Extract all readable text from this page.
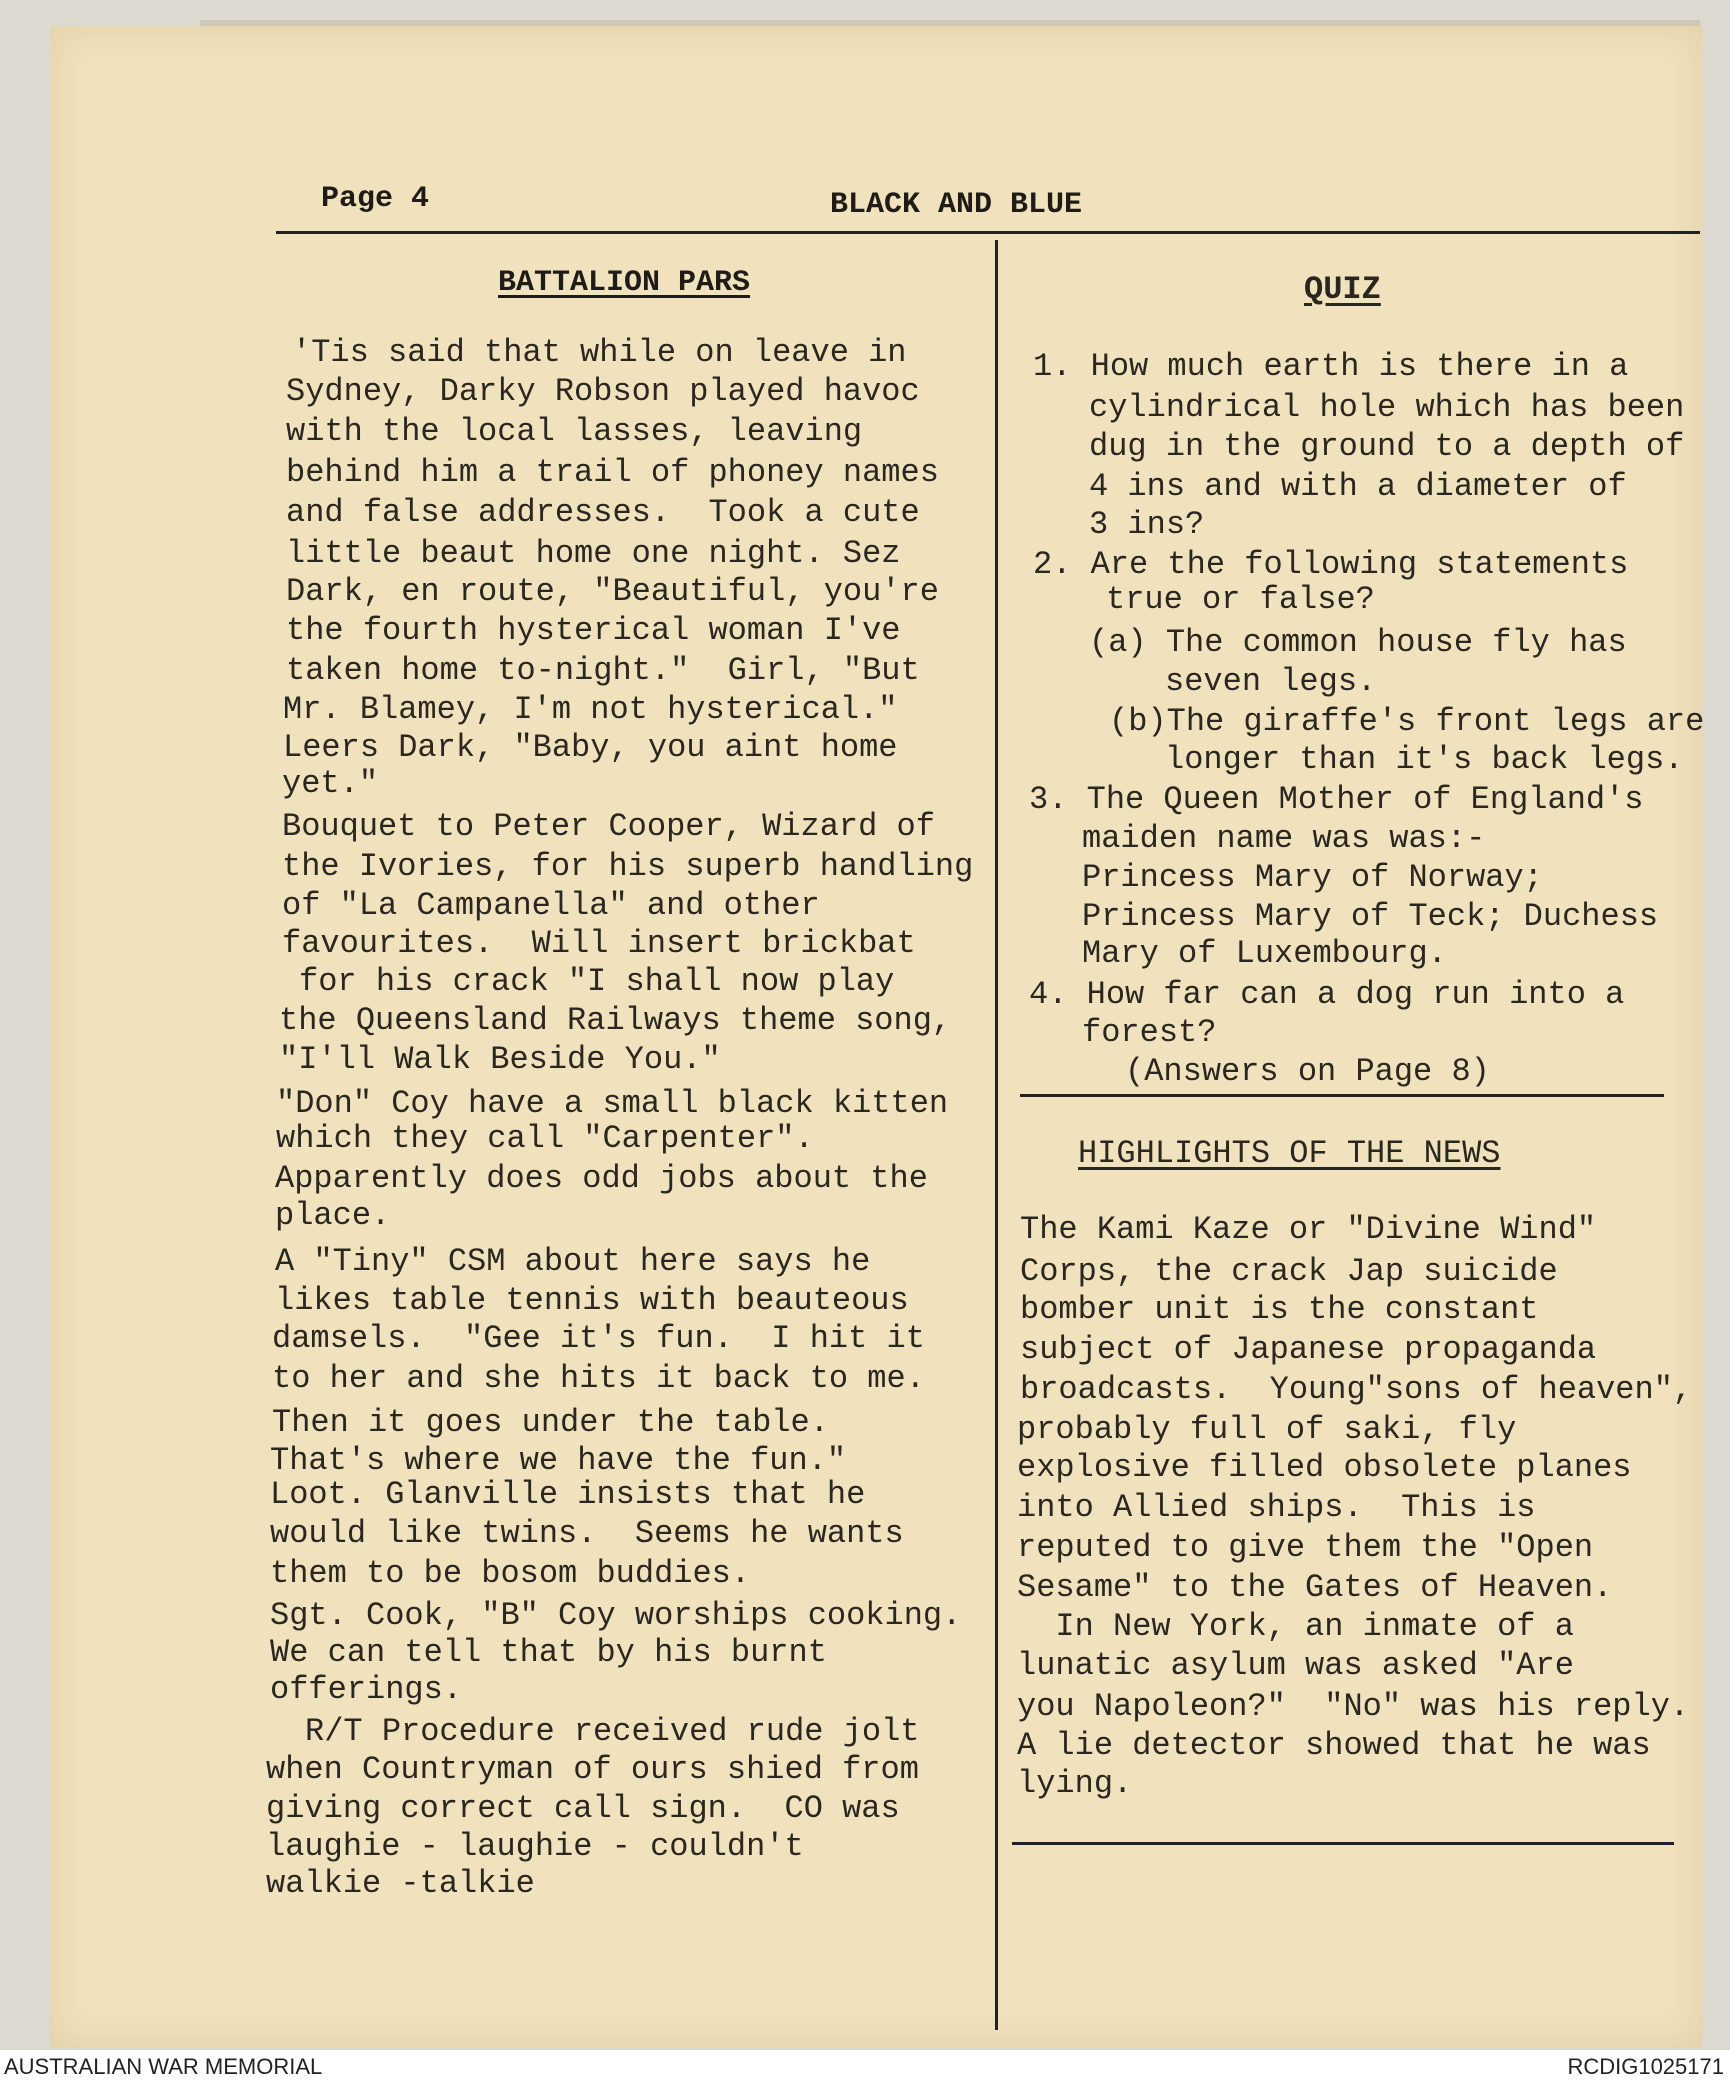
Page 4	BLACK AND BLUE
BATTALION PARS
'Tis said that while on leave in
Sydney, Darky Robson played havoc
with the local lasses, leaving
behind him a trail of phoney names
and false addresses.  Took a cute
little beaut home one night. Sez
Dark, en route, "Beautiful, you're
the fourth hysterical woman I've
taken home to-night."  Girl, "But
Mr. Blamey, I'm not hysterical."
Leers Dark, "Baby, you aint home
yet."
Bouquet to Peter Cooper, Wizard of
the Ivories, for his superb handling
of "La Campanella" and other
favourites.  Will insert brickbat
for his crack "I shall now play
the Queensland Railways theme song,
"I'll Walk Beside You."
"Don" Coy have a small black kitten
which they call "Carpenter".
Apparently does odd jobs about the
place.
A "Tiny" CSM about here says he
likes table tennis with beauteous
damsels.  "Gee it's fun.  I hit it
to her and she hits it back to me.
Then it goes under the table.
That's where we have the fun."
Loot. Glanville insists that he
would like twins.  Seems he wants
them to be bosom buddies.
Sgt. Cook, "B" Coy worships cooking.
We can tell that by his burnt
offerings.
R/T Procedure received rude jolt
when Countryman of ours shied from
giving correct call sign.  CO was
laughie - laughie - couldn't
walkie -talkie
QUIZ
1. How much earth is there in a
cylindrical hole which has been
dug in the ground to a depth of
4 ins and with a diameter of
3 ins?
2. Are the following statements
true or false?
(a) The common house fly has
seven legs.
(b)The giraffe's front legs are
longer than it's back legs.
3. The Queen Mother of England's
maiden name was was:-
Princess Mary of Norway;
Princess Mary of Teck; Duchess
Mary of Luxembourg.
4. How far can a dog run into a
forest?
(Answers on Page 8)
HIGHLIGHTS OF THE NEWS
The Kami Kaze or "Divine Wind"
Corps, the crack Jap suicide
bomber unit is the constant
subject of Japanese propaganda
broadcasts.  Young"sons of heaven",
probably full of saki, fly
explosive filled obsolete planes
into Allied ships.  This is
reputed to give them the "Open
Sesame" to the Gates of Heaven.
In New York, an inmate of a
lunatic asylum was asked "Are
you Napoleon?"  "No" was his reply.
A lie detector showed that he was
lying.
AUSTRALIAN WAR MEMORIAL	RCDIG1025171
